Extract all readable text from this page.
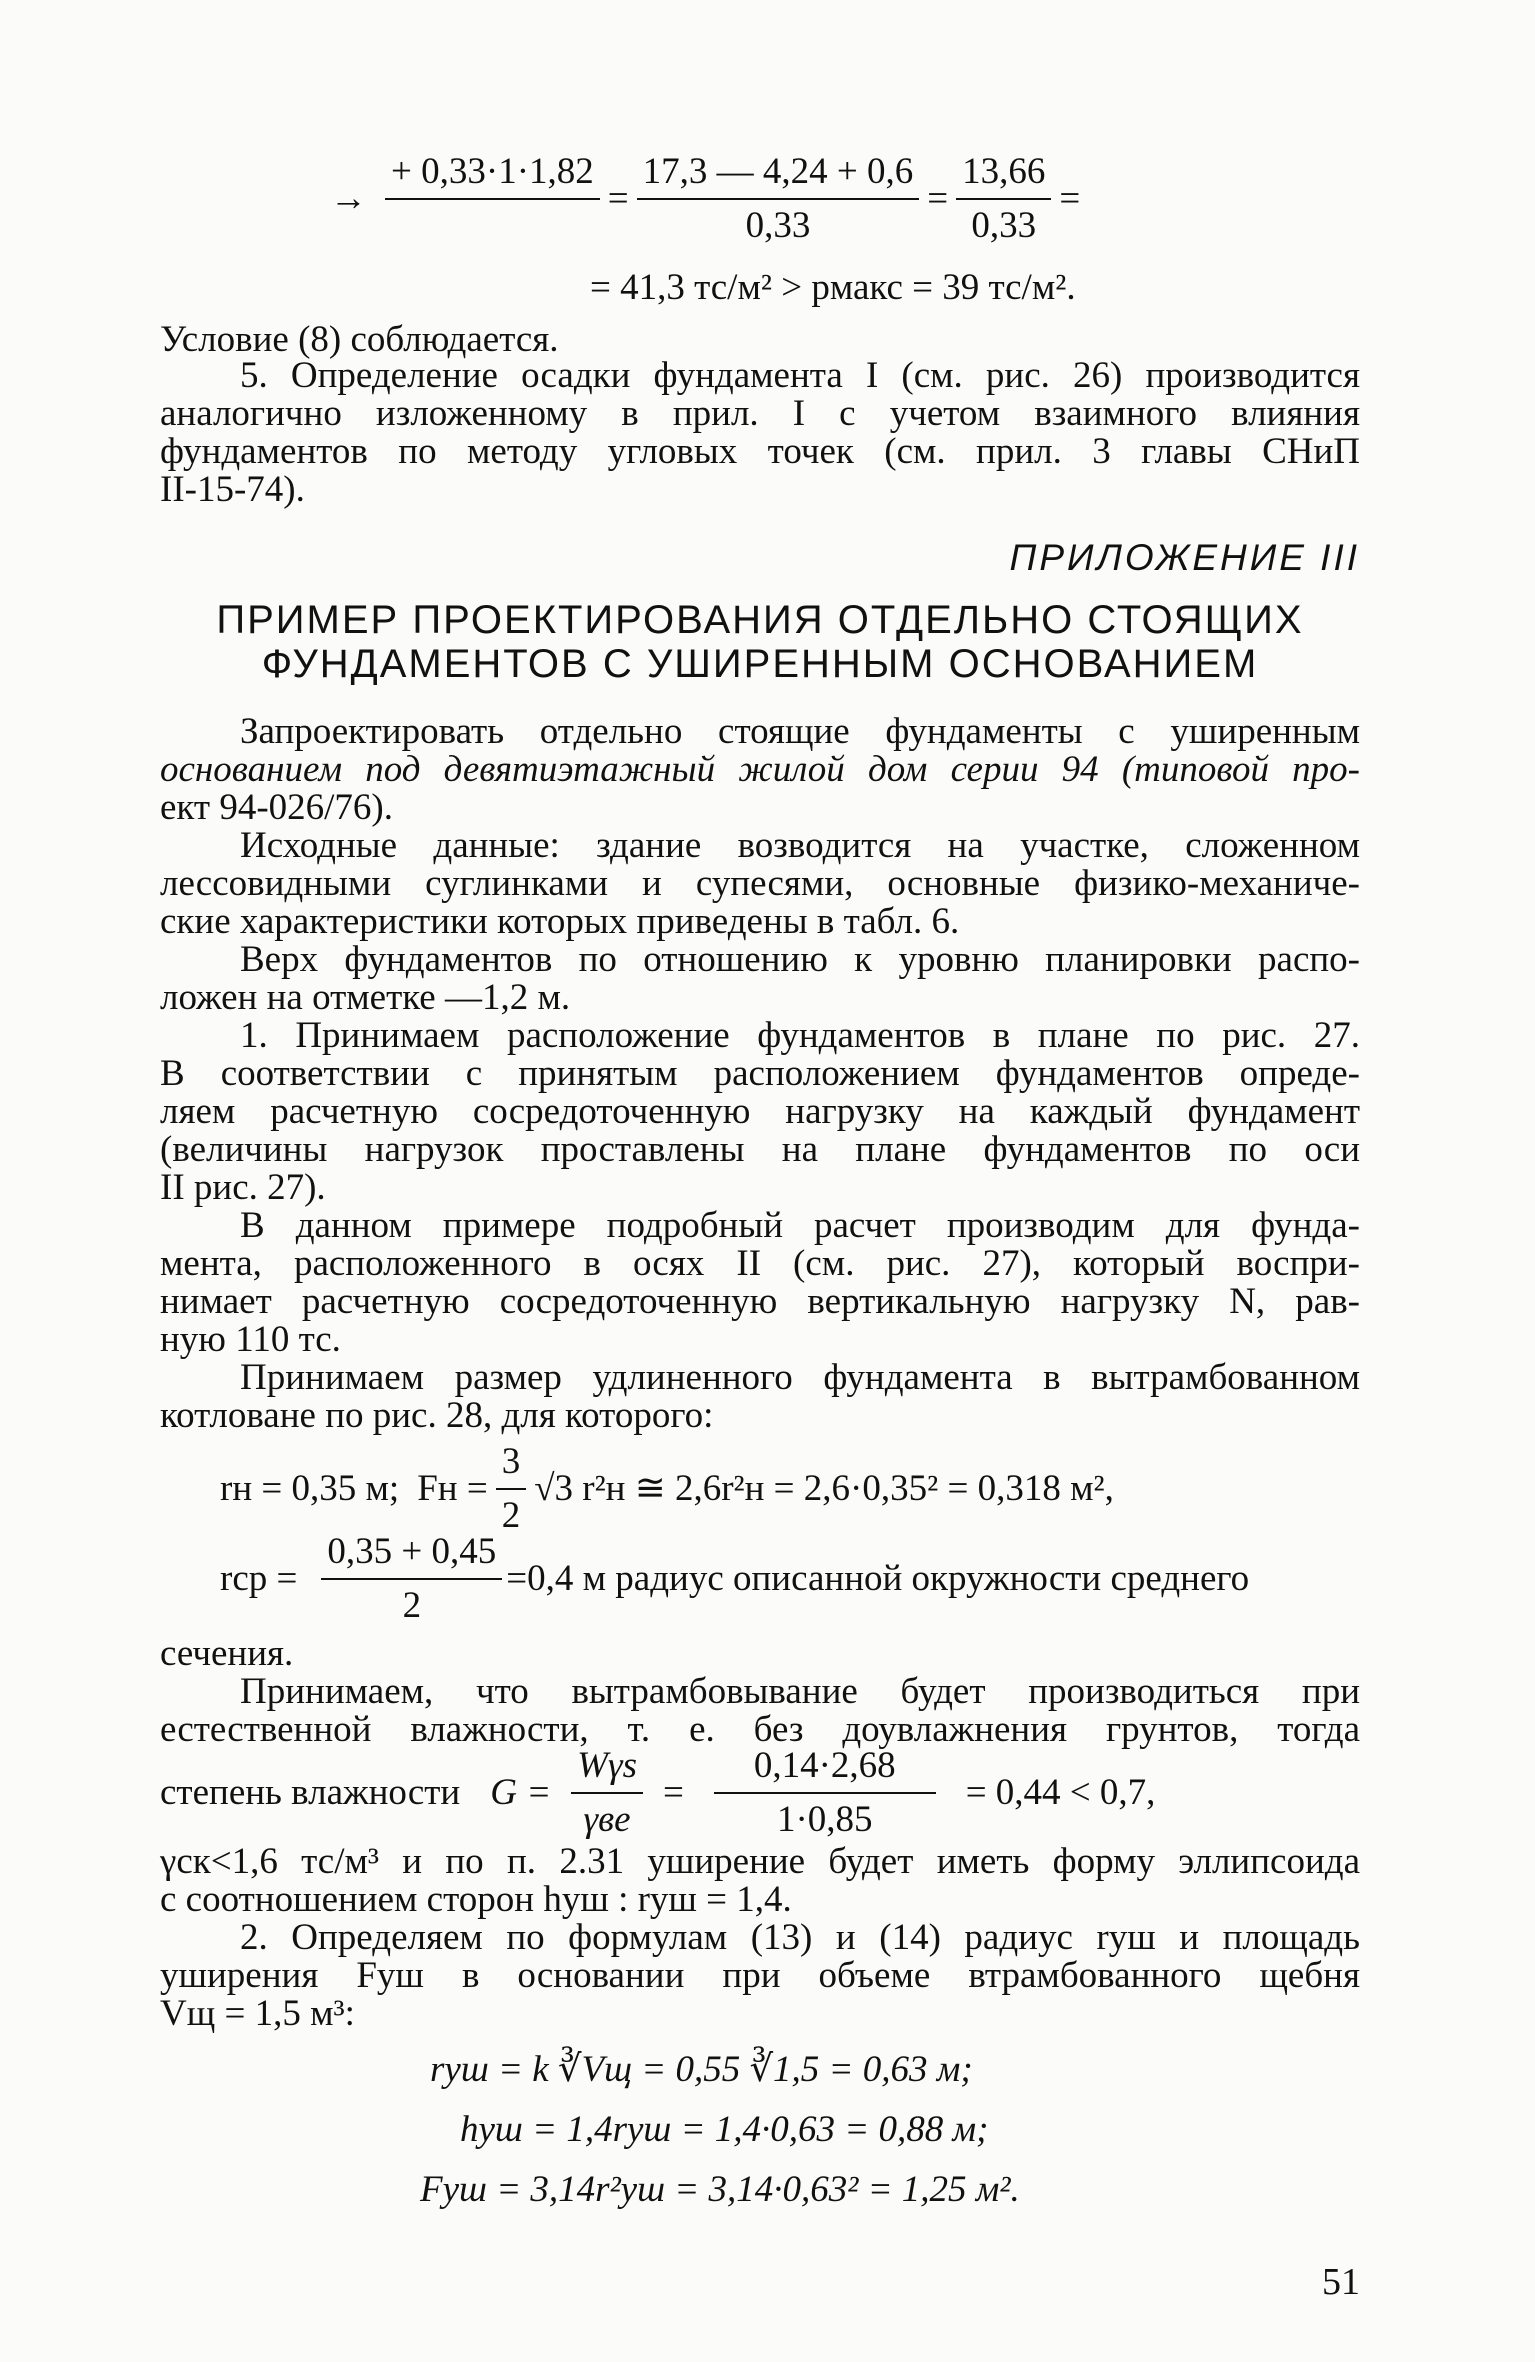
→
+ 0,33·1·1,82

= $\frac{17,3 — 4,24 + 0,6}{0,33} = \frac{13,66}{0,33}$ =
= 41,3 тс/м² > pмакс = 39 тс/м².
Условие (8) соблюдается.
5. Определение осадки фундамента I (см. рис. 26) производится
аналогично изложенному в прил. I с учетом взаимного влияния
фундаментов по методу угловых точек (см. прил. 3 главы СНиП
II-15-74).
ПРИЛОЖЕНИЕ III
ПРИМЕР ПРОЕКТИРОВАНИЯ ОТДЕЛЬНО СТОЯЩИХ
ФУНДАМЕНТОВ С УШИРЕННЫМ ОСНОВАНИЕМ
Запроектировать отдельно стоящие фундаменты с уширенным
основанием под девятиэтажный жилой дом серии 94 (типовой про-
ект 94-026/76).
Исходные данные: здание возводится на участке, сложенном
лессовидными суглинками и супесями, основные физико-механиче-
ские характеристики которых приведены в табл. 6.
Верх фундаментов по отношению к уровню планировки распо-
ложен на отметке —1,2 м.
1. Принимаем расположение фундаментов в плане по рис. 27.
В соответствии с принятым расположением фундаментов опреде-
ляем расчетную сосредоточенную нагрузку на каждый фундамент
(величины нагрузок проставлены на плане фундаментов по оси
II рис. 27).
В данном примере подробный расчет производим для фунда-
мента, расположенного в осях II (см. рис. 27), который воспри-
нимает расчетную сосредоточенную вертикальную нагрузку N, рав-
ную 110 тс.
Принимаем размер удлиненного фундамента в вытрамбованном
котловане по рис. 28, для которого:
rн = 0,35 м; Fн = $\frac{3}{2} √3$ r²н ≅ 2,6r²н = 2,6·0,35² = 0,318 м²,
rср = $\frac{0,35 + 0,45}{2} =0,4$ м радиус описанной окружности среднего
сечения.
Принимаем, что вытрамбовывание будет производиться при
естественной влажности, т. е. без доувлажнения грунтов, тогда
степень влажности $G = \frac{\text{Wγs}}{\text{γвe}} = \frac{0,14\cdot 2,68}{1\cdot 0,85} = 0,44 < 0,7$,
γск<1,6 тс/м³ и по п. 2.31 уширение будет иметь форму эллипсоида
с соотношением сторон hуш : rуш = 1,4.
2. Определяем по формулам (13) и (14) радиус rуш и площадь
уширения Fуш в основании при объеме втрамбованного щебня
Vщ = 1,5 м³:
rуш = k ∛Vщ = 0,55 ∛1,5 = 0,63 м;
hуш = 1,4rуш = 1,4·0,63 = 0,88 м;
Fуш = 3,14r²уш = 3,14·0,63² = 1,25 м².
51
